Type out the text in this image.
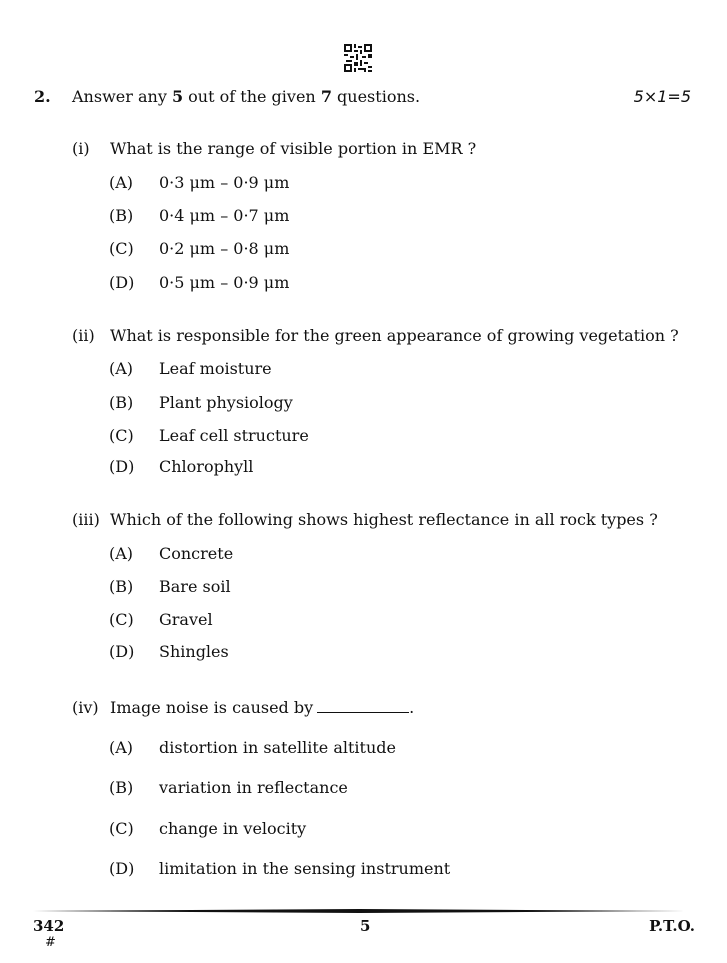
2. Answer any 5 out of the given 7 questions.	5×1=5
(i) What is the range of visible portion in EMR ?
(A) 0·3 μm – 0·9 μm
(B) 0·4 μm – 0·7 μm
(C) 0·2 μm – 0·8 μm
(D) 0·5 μm – 0·9 μm
(ii) What is responsible for the green appearance of growing vegetation ?
(A) Leaf moisture
(B) Plant physiology
(C) Leaf cell structure
(D) Chlorophyll
(iii) Which of the following shows highest reflectance in all rock types ?
(A) Concrete
(B) Bare soil
(C) Gravel
(D) Shingles
(iv) Image noise is caused by	.
(A) distortion in satellite altitude
(B) variation in reflectance
(C) change in velocity
(D) limitation in the sensing instrument
342
#
5	P.T.O.
